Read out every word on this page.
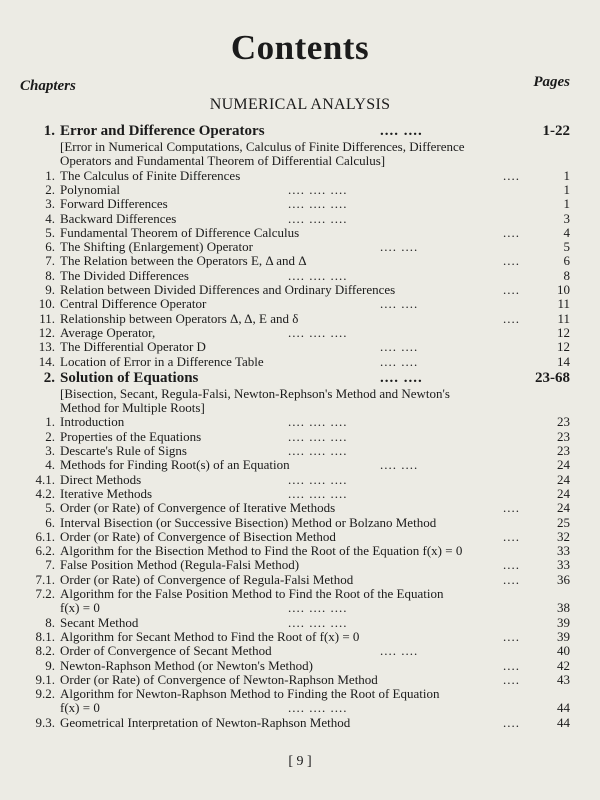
Contents
Chapters	Pages
NUMERICAL ANALYSIS
1. Error and Difference Operators	.... ....	1-22
[Error in Numerical Computations, Calculus of Finite Differences, Difference
Operators and Fundamental Theorem of Differential Calculus]
1. The Calculus of Finite Differences	....	1
2. Polynomial	.... .... ....	1
3. Forward Differences	.... .... ....	1
4. Backward Differences	.... .... ....	3
5. Fundamental Theorem of Difference Calculus	....	4
6. The Shifting (Enlargement) Operator	.... ....	5
7. The Relation between the Operators E, Δ and Δ	....	6
8. The Divided Differences	.... .... ....	8
9. Relation between Divided Differences and Ordinary Differences	....	10
10. Central Difference Operator	.... ....	11
11. Relationship between Operators Δ, Δ, E and δ	....	11
12. Average Operator,	.... .... ....	12
13. The Differential Operator D	.... ....	12
14. Location of Error in a Difference Table	.... ....	14
2. Solution of Equations	.... ....	23-68
[Bisection, Secant, Regula-Falsi, Newton-Rephson's Method and Newton's
Method for Multiple Roots]
1. Introduction	.... .... ....	23
2. Properties of the Equations	.... .... ....	23
3. Descarte's Rule of Signs	.... .... ....	23
4. Methods for Finding Root(s) of an Equation	.... ....	24
4.1. Direct Methods	.... .... ....	24
4.2. Iterative Methods	.... .... ....	24
5. Order (or Rate) of Convergence of Iterative Methods	....	24
6. Interval Bisection (or Successive Bisection) Method or Bolzano Method	25
6.1. Order (or Rate) of Convergence of Bisection Method	....	32
6.2. Algorithm for the Bisection Method to Find the Root of the Equation f(x) = 0	33
7. False Position Method (Regula-Falsi Method)	....	33
7.1. Order (or Rate) of Convergence of Regula-Falsi Method	....	36
7.2. Algorithm for the False Position Method to Find the Root of the Equation
f(x) = 0	.... .... ....	38
8. Secant Method	.... .... ....	39
8.1. Algorithm for Secant Method to Find the Root of f(x) = 0	....	39
8.2. Order of Convergence of Secant Method	.... ....	40
9. Newton-Raphson Method (or Newton's Method)	....	42
9.1. Order (or Rate) of Convergence of Newton-Raphson Method	....	43
9.2. Algorithm for Newton-Raphson Method to Finding the Root of Equation
f(x) = 0	.... .... ....	44
9.3. Geometrical Interpretation of Newton-Raphson Method	....	44
[ 9 ]
